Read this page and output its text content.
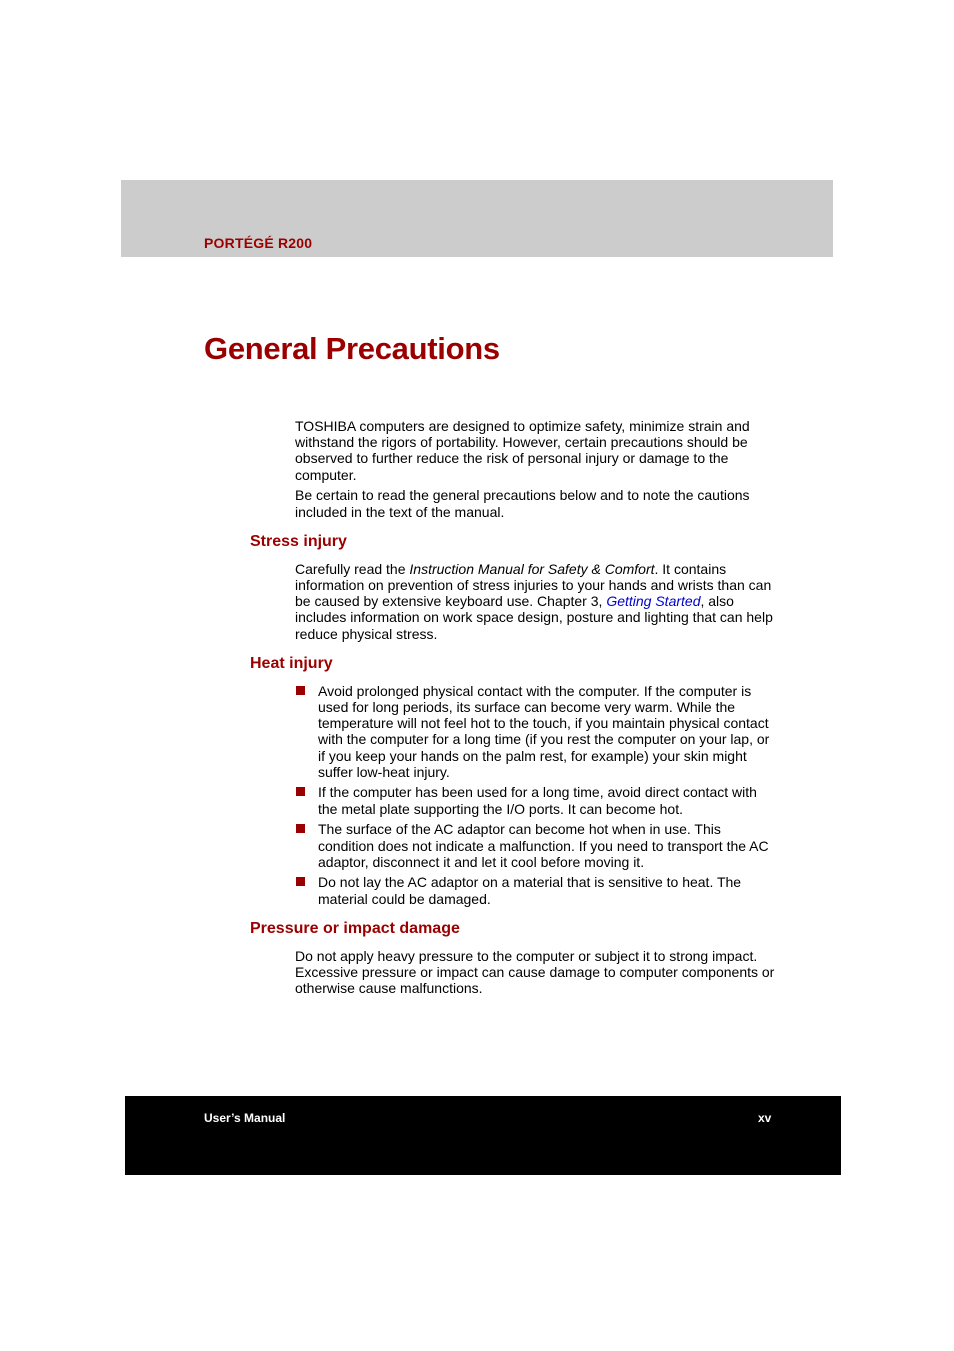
PORTÉGÉ R200
General Precautions

TOSHIBA computers are designed to optimize safety, minimize strain and withstand the rigors of portability. However, certain precautions should be observed to further reduce the risk of personal injury or damage to the computer.

Be certain to read the general precautions below and to note the cautions included in the text of the manual.

Stress injury

Carefully read the Instruction Manual for Safety & Comfort. It contains information on prevention of stress injuries to your hands and wrists than can be caused by extensive keyboard use. Chapter 3, Getting Started, also includes information on work space design, posture and lighting that can help reduce physical stress.

Heat injury
Avoid prolonged physical contact with the computer. If the computer is used for long periods, its surface can become very warm. While the temperature will not feel hot to the touch, if you maintain physical contact with the computer for a long time (if you rest the computer on your lap, or if you keep your hands on the palm rest, for example) your skin might suffer low-heat injury.
If the computer has been used for a long time, avoid direct contact with the metal plate supporting the I/O ports. It can become hot.
The surface of the AC adaptor can become hot when in use. This condition does not indicate a malfunction. If you need to transport the AC adaptor, disconnect it and let it cool before moving it.
Do not lay the AC adaptor on a material that is sensitive to heat. The material could be damaged.
Pressure or impact damage

Do not apply heavy pressure to the computer or subject it to strong impact. Excessive pressure or impact can cause damage to computer components or otherwise cause malfunctions.

User’s Manual	xv
